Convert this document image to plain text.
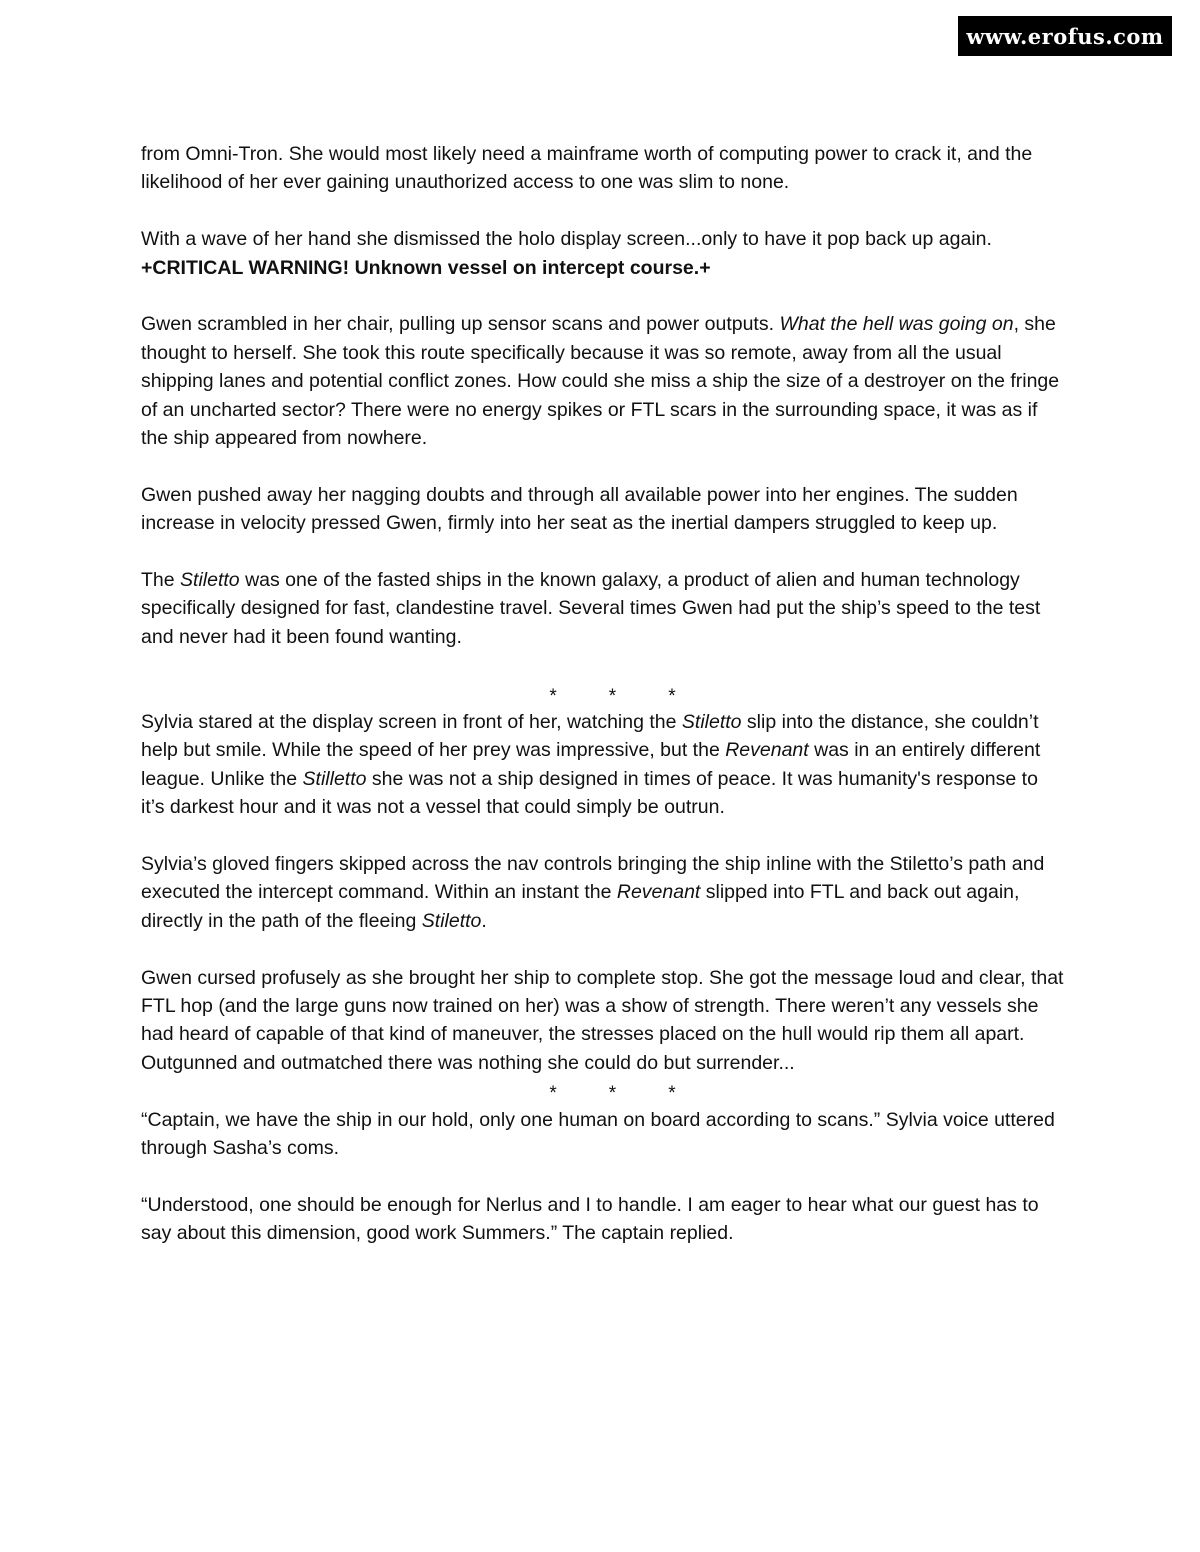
www.erofus.com

from Omni-Tron. She would most likely need a mainframe worth of computing power to crack it, and the likelihood of her ever gaining unauthorized access to one was slim to none.

With a wave of her hand she dismissed the holo display screen...only to have it pop back up again. +CRITICAL WARNING! Unknown vessel on intercept course.+

Gwen scrambled in her chair, pulling up sensor scans and power outputs. What the hell was going on, she thought to herself. She took this route specifically because it was so remote, away from all the usual shipping lanes and potential conflict zones. How could she miss a ship the size of a destroyer on the fringe of an uncharted sector? There were no energy spikes or FTL scars in the surrounding space, it was as if the ship appeared from nowhere.

Gwen pushed away her nagging doubts and through all available power into her engines. The sudden increase in velocity pressed Gwen, firmly into her seat as the inertial dampers struggled to keep up.

The Stiletto was one of the fasted ships in the known galaxy, a product of alien and human technology specifically designed for fast, clandestine travel. Several times Gwen had put the ship’s speed to the test and never had it been found wanting.

*	*	*

Sylvia stared at the display screen in front of her, watching the Stiletto slip into the distance, she couldn’t help but smile. While the speed of her prey was impressive, but the Revenant was in an entirely different league. Unlike the Stilletto she was not a ship designed in times of peace. It was humanity's response to it’s darkest hour and it was not a vessel that could simply be outrun.

Sylvia’s gloved fingers skipped across the nav controls bringing the ship inline with the Stiletto’s path and executed the intercept command. Within an instant the Revenant slipped into FTL and back out again, directly in the path of the fleeing Stiletto.

Gwen cursed profusely as she brought her ship to complete stop. She got the message loud and clear, that FTL hop (and the large guns now trained on her) was a show of strength. There weren’t any vessels she had heard of capable of that kind of maneuver, the stresses placed on the hull would rip them all apart. Outgunned and outmatched there was nothing she could do but surrender...

*	*	*

“Captain, we have the ship in our hold, only one human on board according to scans.” Sylvia voice uttered through Sasha’s coms.

“Understood, one should be enough for Nerlus and I to handle. I am eager to hear what our guest has to say about this dimension, good work Summers.” The captain replied.
